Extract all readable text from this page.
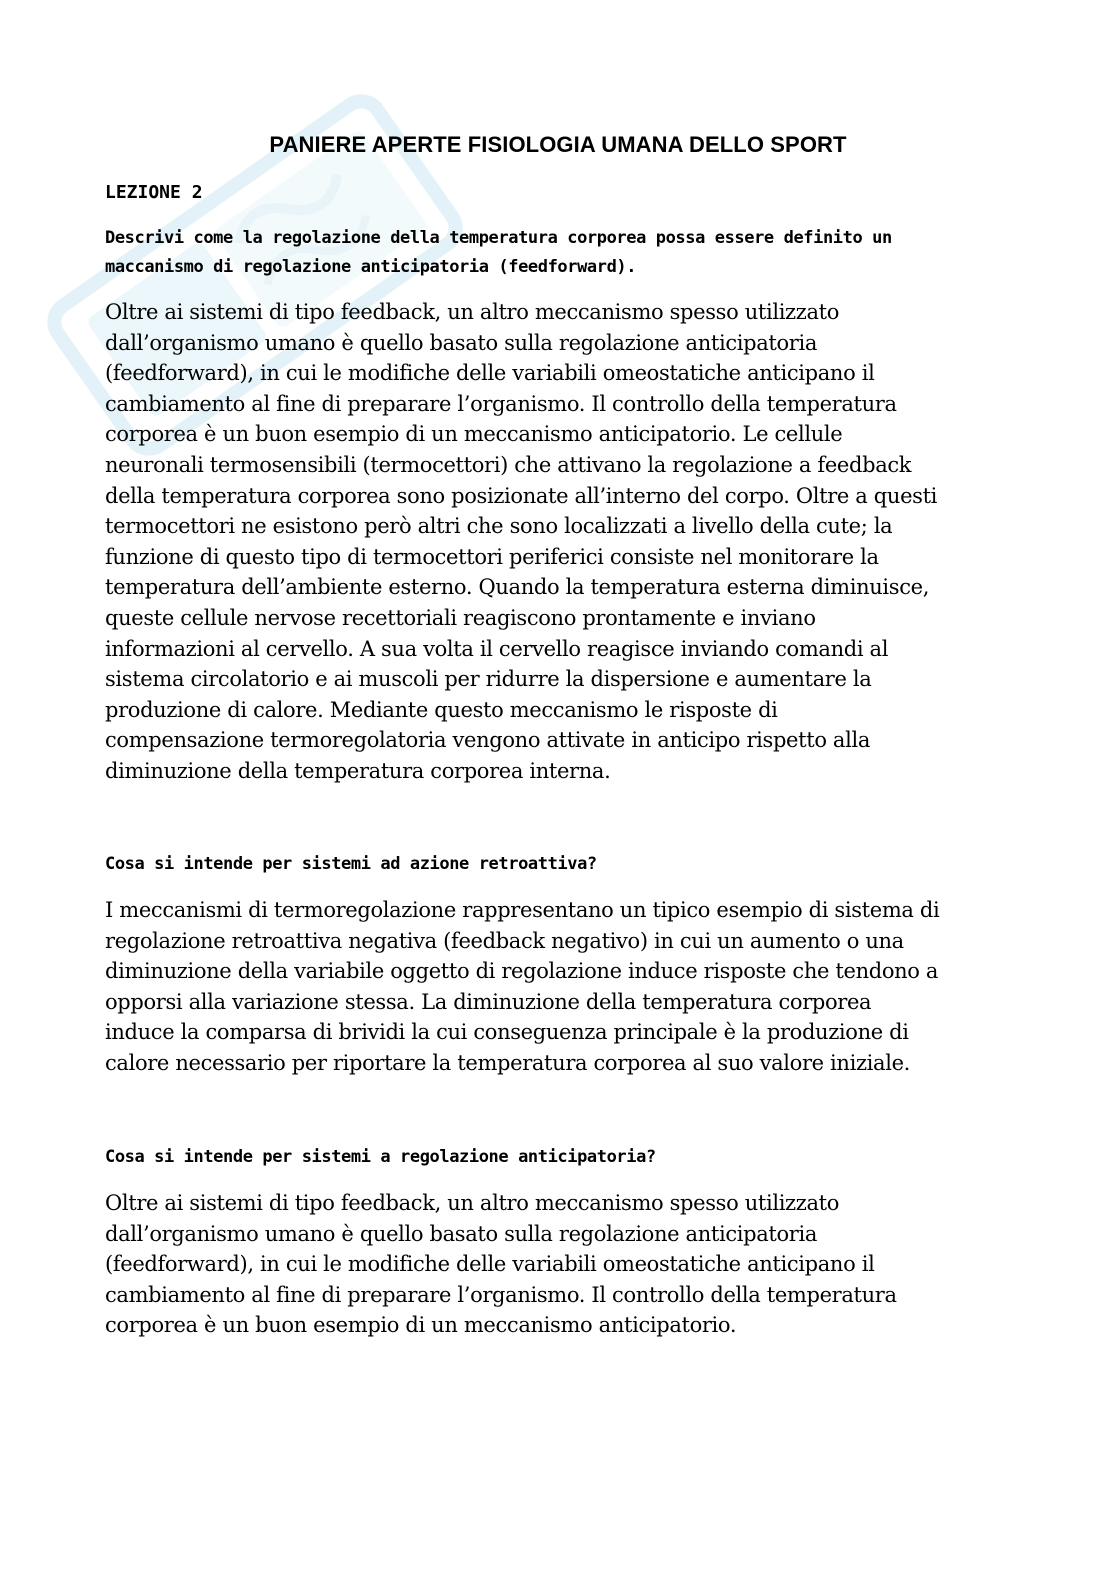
PANIERE APERTE FISIOLOGIA UMANA DELLO SPORT
LEZIONE 2
Descrivi come la regolazione della temperatura corporea possa essere definito un
maccanismo di regolazione anticipatoria (feedforward).
Oltre ai sistemi di tipo feedback, un altro meccanismo spesso utilizzato
dall’organismo umano è quello basato sulla regolazione anticipatoria
(feedforward), in cui le modifiche delle variabili omeostatiche anticipano il
cambiamento al fine di preparare l’organismo. Il controllo della temperatura
corporea è un buon esempio di un meccanismo anticipatorio. Le cellule
neuronali termosensibili (termocettori) che attivano la regolazione a feedback
della temperatura corporea sono posizionate all’interno del corpo. Oltre a questi
termocettori ne esistono però altri che sono localizzati a livello della cute; la
funzione di questo tipo di termocettori periferici consiste nel monitorare la
temperatura dell’ambiente esterno. Quando la temperatura esterna diminuisce,
queste cellule nervose recettoriali reagiscono prontamente e inviano
informazioni al cervello. A sua volta il cervello reagisce inviando comandi al
sistema circolatorio e ai muscoli per ridurre la dispersione e aumentare la
produzione di calore. Mediante questo meccanismo le risposte di
compensazione termoregolatoria vengono attivate in anticipo rispetto alla
diminuzione della temperatura corporea interna.
Cosa si intende per sistemi ad azione retroattiva?
I meccanismi di termoregolazione rappresentano un tipico esempio di sistema di
regolazione retroattiva negativa (feedback negativo) in cui un aumento o una
diminuzione della variabile oggetto di regolazione induce risposte che tendono a
opporsi alla variazione stessa. La diminuzione della temperatura corporea
induce la comparsa di brividi la cui conseguenza principale è la produzione di
calore necessario per riportare la temperatura corporea al suo valore iniziale.
Cosa si intende per sistemi a regolazione anticipatoria?
Oltre ai sistemi di tipo feedback, un altro meccanismo spesso utilizzato
dall’organismo umano è quello basato sulla regolazione anticipatoria
(feedforward), in cui le modifiche delle variabili omeostatiche anticipano il
cambiamento al fine di preparare l’organismo. Il controllo della temperatura
corporea è un buon esempio di un meccanismo anticipatorio.
